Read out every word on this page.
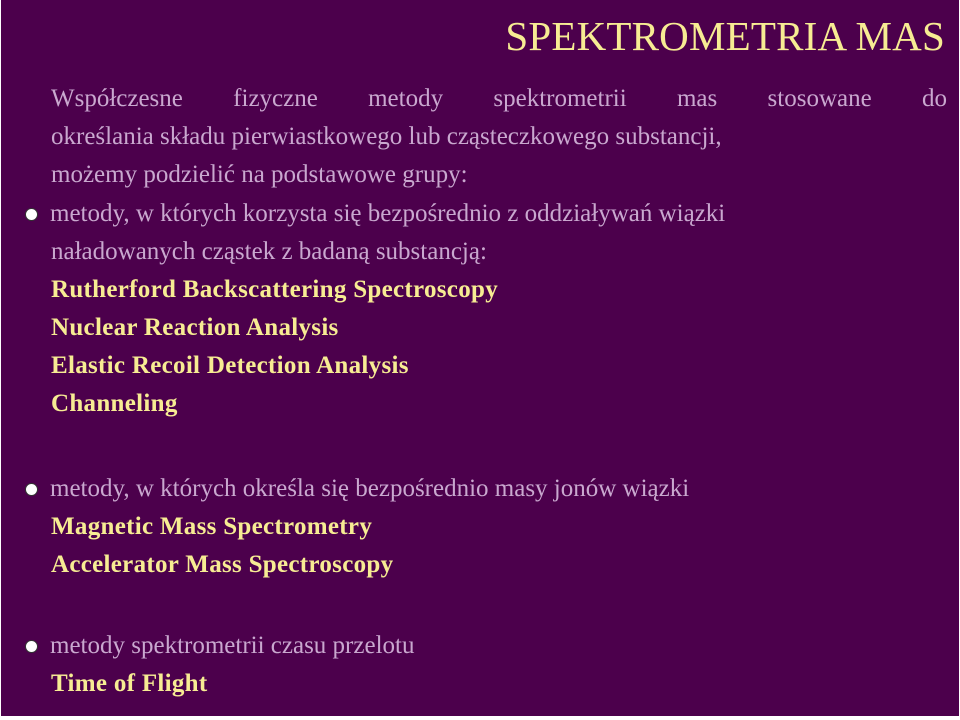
SPEKTROMETRIA MAS
Współczesne fizyczne metody spektrometrii mas stosowane do
określania składu pierwiastkowego lub cząsteczkowego substancji,
możemy podzielić na podstawowe grupy:
metody, w których korzysta się bezpośrednio z oddziaływań wiązki
naładowanych cząstek z badaną substancją:
Rutherford Backscattering Spectroscopy
Nuclear Reaction Analysis
Elastic Recoil Detection Analysis
Channeling
metody, w których określa się bezpośrednio masy jonów wiązki
Magnetic Mass Spectrometry
Accelerator Mass Spectroscopy
metody spektrometrii czasu przelotu
Time of Flight
